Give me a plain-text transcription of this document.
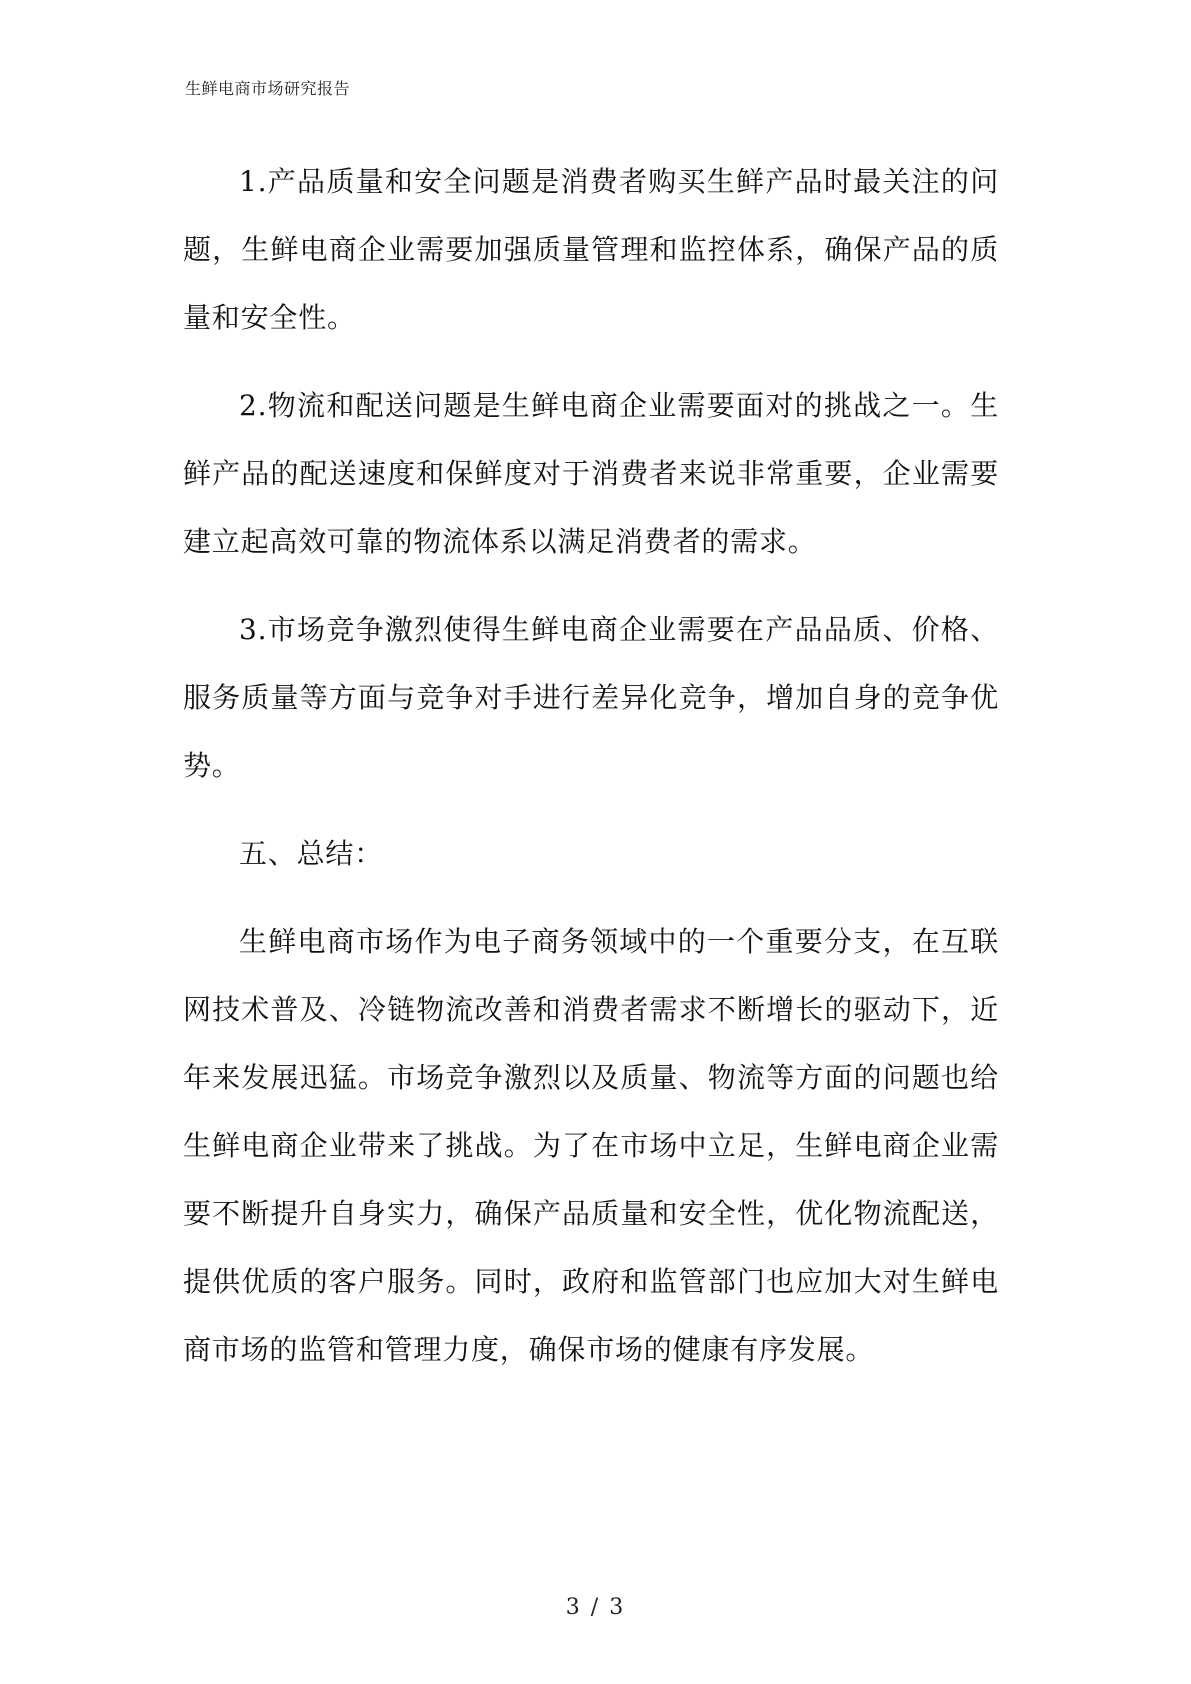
生鲜电商市场研究报告

1.产品质量和安全问题是消费者购买生鲜产品时最关注的问题，生鲜电商企业需要加强质量管理和监控体系，确保产品的质量和安全性。

2.物流和配送问题是生鲜电商企业需要面对的挑战之一。生鲜产品的配送速度和保鲜度对于消费者来说非常重要，企业需要建立起高效可靠的物流体系以满足消费者的需求。

3.市场竞争激烈使得生鲜电商企业需要在产品品质、价格、服务质量等方面与竞争对手进行差异化竞争，增加自身的竞争优势。

五、总结：

生鲜电商市场作为电子商务领域中的一个重要分支，在互联网技术普及、冷链物流改善和消费者需求不断增长的驱动下，近年来发展迅猛。市场竞争激烈以及质量、物流等方面的问题也给生鲜电商企业带来了挑战。为了在市场中立足，生鲜电商企业需要不断提升自身实力，确保产品质量和安全性，优化物流配送，提供优质的客户服务。同时，政府和监管部门也应加大对生鲜电商市场的监管和管理力度，确保市场的健康有序发展。

3 / 3
